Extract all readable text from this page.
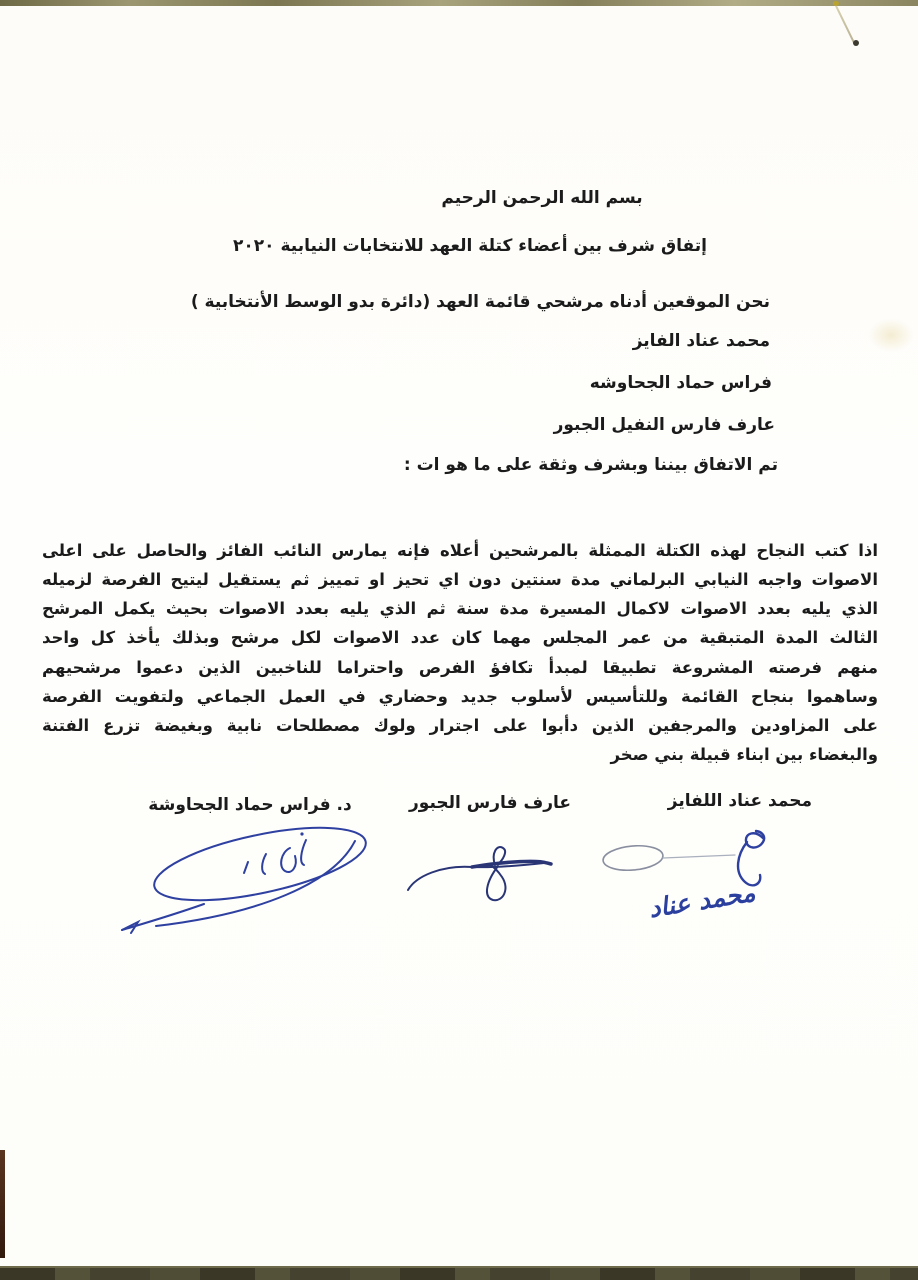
بسم الله الرحمن الرحيم
إتفاق شرف بين أعضاء كتلة العهد للانتخابات النيابية ٢٠٢٠
نحن الموقعين أدناه مرشحي قائمة العهد (دائرة بدو الوسط الأنتخابية )
محمد عناد الفايز
فراس حماد الجحاوشه
عارف فارس النفيل الجبور
تم الاتفاق بيننا وبشرف وثقة على ما هو ات :
اذا كتب النجاح لهذه الكتلة الممثلة بالمرشحين أعلاه فإنه يمارس النائب الفائز والحاصل على اعلى
الاصوات واجبه النيابي البرلماني مدة سنتين دون اي تحيز او تمييز ثم يستقيل ليتيح الفرصة لزميله
الذي يليه بعدد الاصوات لاكمال المسيرة مدة سنة ثم الذي يليه بعدد الاصوات بحيث يكمل المرشح
الثالث المدة المتبقية من عمر المجلس مهما كان عدد الاصوات لكل مرشح وبذلك يأخذ كل واحد
منهم فرصته المشروعة تطبيقا لمبدأ تكافؤ الفرص واحتراما للناخبين الذين دعموا مرشحيهم
وساهموا بنجاح القائمة وللتأسيس لأسلوب جديد وحضاري في العمل الجماعي ولتفويت الفرصة
على المزاودين والمرجفين الذين دأبوا على اجترار ولوك مصطلحات نابية وبغيضة تزرع الفتنة
والبغضاء بين ابناء قبيلة بني صخر
محمد عناد اللفايز
عارف فارس الجبور
د. فراس حماد الجحاوشة
محمد عناد
